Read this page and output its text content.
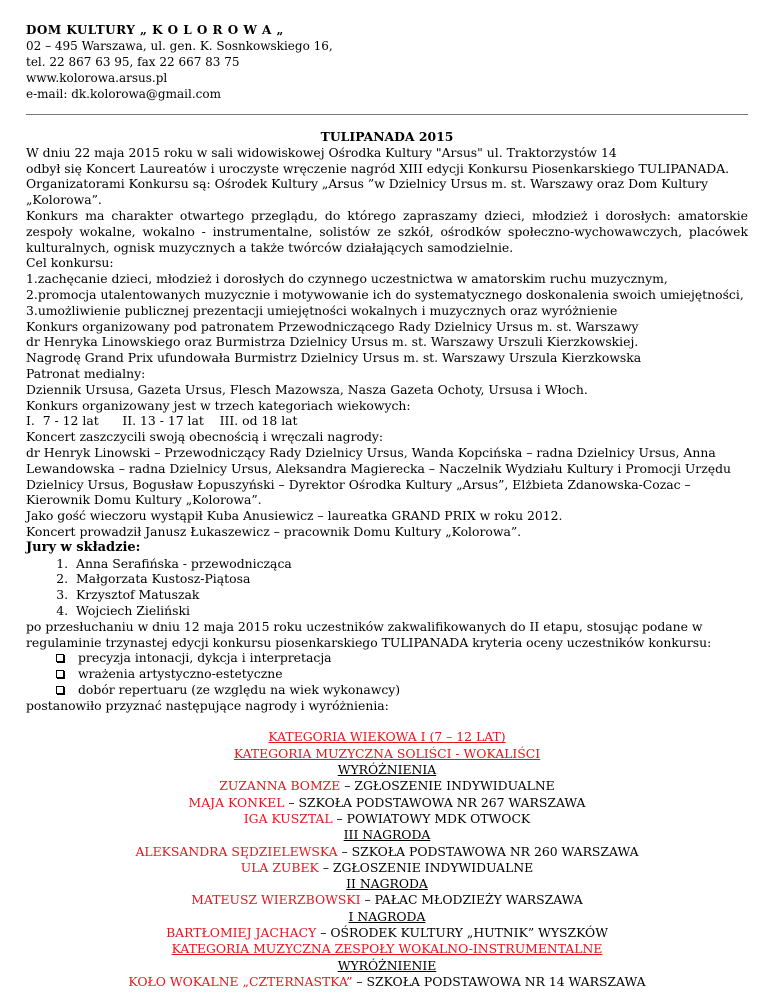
DOM KULTURY „ K O L O R O W A „
02 – 495 Warszawa, ul. gen. K. Sosnkowskiego 16,
tel. 22 867 63 95, fax 22 667 83 75
www.kolorowa.arsus.pl
e-mail: dk.kolorowa@gmail.com
TULIPANADA 2015

W dniu 22 maja 2015 roku w sali widowiskowej Ośrodka Kultury "Arsus" ul. Traktorzystów 14

odbył się Koncert Laureatów i uroczyste wręczenie nagród XIII edycji Konkursu Piosenkarskiego TULIPANADA.

Organizatorami Konkursu są: Ośrodek Kultury „Arsus ”w Dzielnicy Ursus m. st. Warszawy oraz Dom Kultury „Kolorowa”.

Konkurs ma charakter otwartego przeglądu, do którego zapraszamy dzieci, młodzież i dorosłych: amatorskie zespoły wokalne, wokalno - instrumentalne, solistów ze szkół, ośrodków społeczno-wychowawczych, placówek kulturalnych, ognisk muzycznych a także twórców działających samodzielnie.

Cel konkursu:

1.zachęcanie dzieci, młodzież i dorosłych do czynnego uczestnictwa w amatorskim ruchu muzycznym,

2.promocja utalentowanych muzycznie i motywowanie ich do systematycznego doskonalenia swoich umiejętności,

3.umożliwienie publicznej prezentacji umiejętności wokalnych i muzycznych oraz wyróżnienie

Konkurs organizowany pod patronatem Przewodniczącego Rady Dzielnicy Ursus m. st. Warszawy

dr Henryka Linowskiego oraz Burmistrza Dzielnicy Ursus m. st. Warszawy Urszuli Kierzkowskiej.

Nagrodę Grand Prix ufundowała Burmistrz Dzielnicy Ursus m. st. Warszawy Urszula Kierzkowska

Patronat medialny:

Dziennik Ursusa, Gazeta Ursus, Flesch Mazowsza, Nasza Gazeta Ochoty, Ursusa i Włoch.

Konkurs organizowany jest w trzech kategoriach wiekowych:

I.  7 - 12 lat      II. 13 - 17 lat    III. od 18 lat

Koncert zaszczycili swoją obecnością i wręczali nagrody:

dr Henryk Linowski – Przewodniczący Rady Dzielnicy Ursus, Wanda Kopcińska – radna Dzielnicy Ursus, Anna Lewandowska – radna Dzielnicy Ursus, Aleksandra Magierecka – Naczelnik Wydziału Kultury i Promocji Urzędu Dzielnicy Ursus, Bogusław Łopuszyński – Dyrektor Ośrodka Kultury „Arsus”, Elżbieta Zdanowska-Cozac – Kierownik Domu Kultury „Kolorowa”.

Jako gość wieczoru wystąpił Kuba Anusiewicz – laureatka GRAND PRIX w roku 2012.

Koncert prowadził Janusz Łukaszewicz – pracownik Domu Kultury „Kolorowa”.

Jury w składzie:

1. Anna Serafińska - przewodnicząca
2. Małgorzata Kustosz-Piątosa
3. Krzysztof Matuszak
4. Wojciech Zieliński

po przesłuchaniu w dniu 12 maja 2015 roku uczestników zakwalifikowanych do II etapu, stosując podane w regulaminie trzynastej edycji konkursu piosenkarskiego TULIPANADA kryteria oceny uczestników konkursu:

precyzja intonacji, dykcja i interpretacja
wrażenia artystyczno-estetyczne
dobór repertuaru (ze względu na wiek wykonawcy)

postanowiło przyznać następujące nagrody i wyróżnienia:

KATEGORIA WIEKOWA I (7 – 12 LAT)
KATEGORIA MUZYCZNA SOLIŚCI - WOKALIŚCI
WYRÓŻNIENIA
ZUZANNA BOMZE – ZGŁOSZENIE INDYWIDUALNE
MAJA KONKEL – SZKOŁA PODSTAWOWA NR 267 WARSZAWA
IGA KUSZTAL – POWIATOWY MDK OTWOCK
III NAGRODA
ALEKSANDRA SĘDZIELEWSKA – SZKOŁA PODSTAWOWA NR 260 WARSZAWA
ULA ZUBEK – ZGŁOSZENIE INDYWIDUALNE
II NAGRODA
MATEUSZ WIERZBOWSKI – PAŁAC MŁODZIEŻY WARSZAWA
I NAGRODA
BARTŁOMIEJ JACHACY – OŚRODEK KULTURY „HUTNIK” WYSZKÓW
KATEGORIA MUZYCZNA ZESPOŁY WOKALNO-INSTRUMENTALNE
WYRÓŻNIENIE
KOŁO WOKALNE „CZTERNASTKA” – SZKOŁA PODSTAWOWA NR 14 WARSZAWA
